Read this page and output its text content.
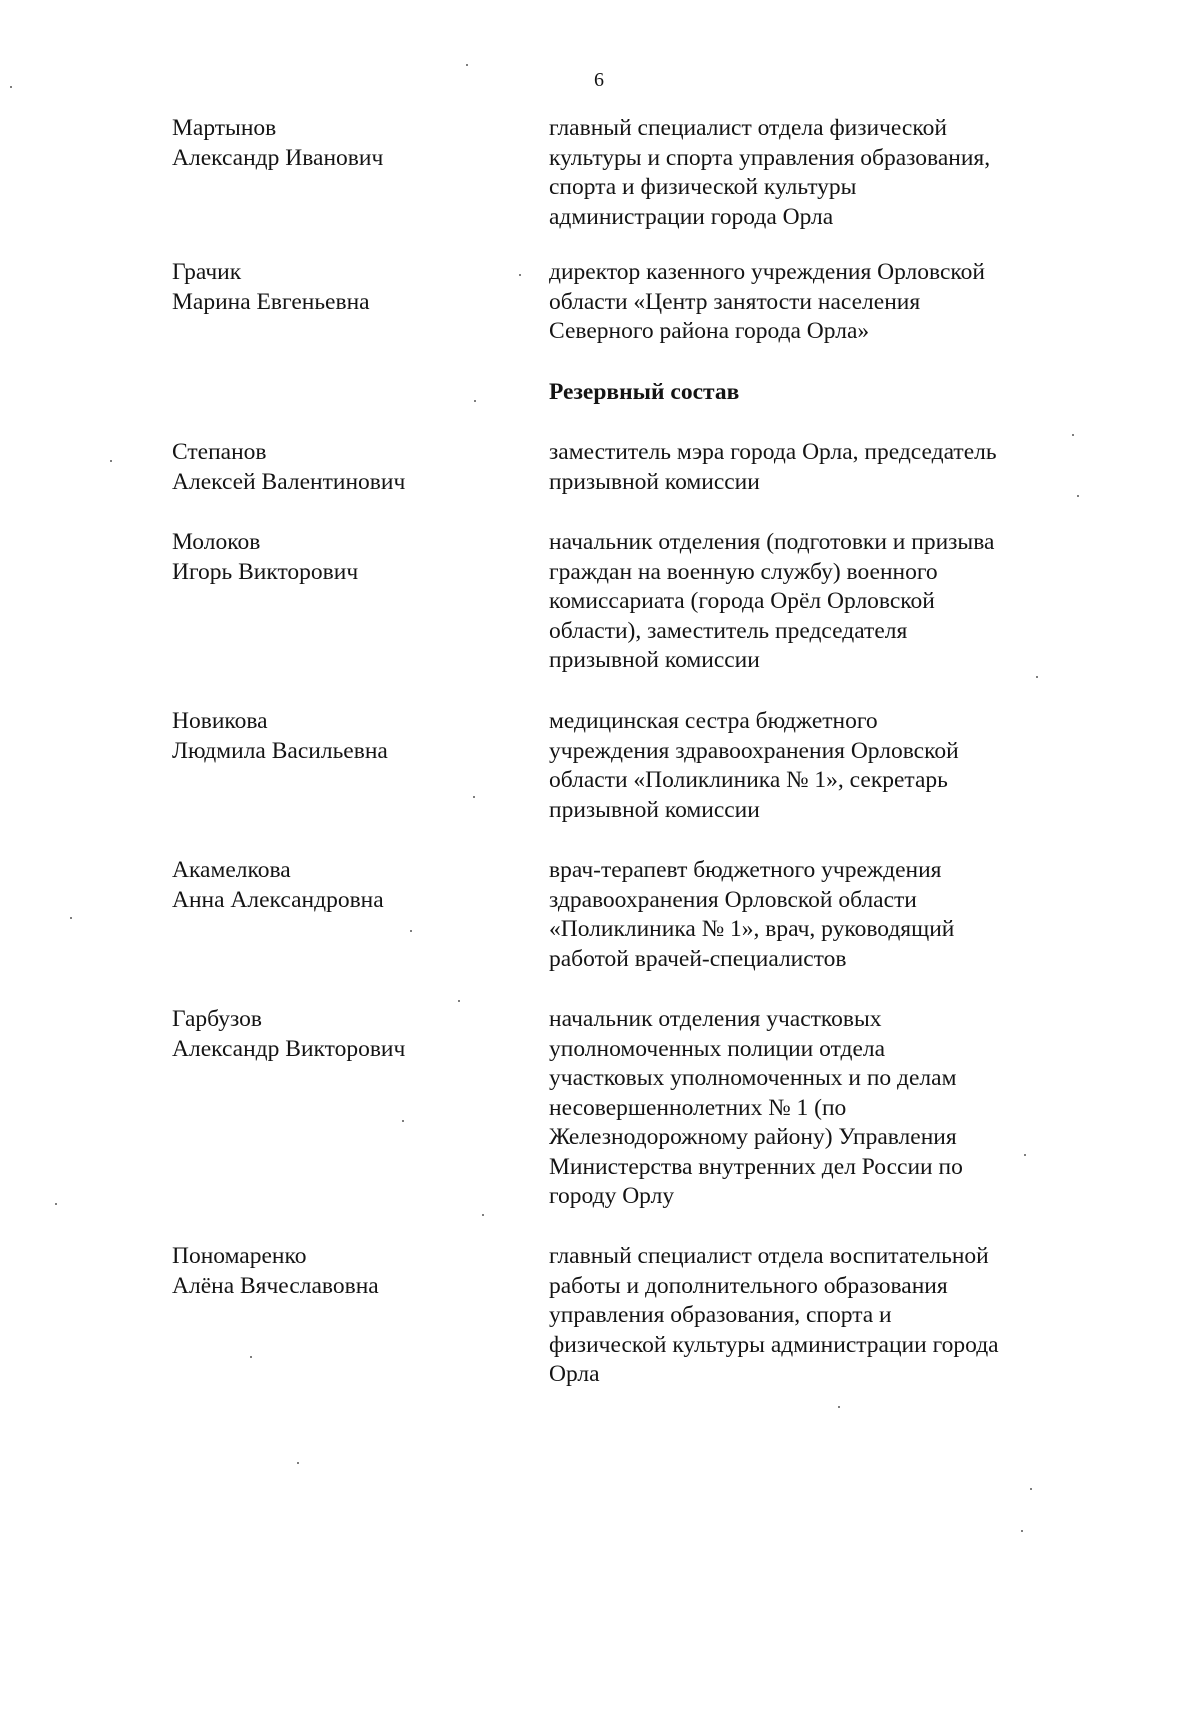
6
Мартынов
Александр Иванович
главный специалист отдела физической
культуры и спорта управления образования,
спорта и физической культуры
администрации города Орла
Грачик
Марина Евгеньевна
директор казенного учреждения Орловской
области «Центр занятости населения
Северного района города Орла»
Резервный состав
Степанов
Алексей Валентинович
заместитель мэра города Орла, председатель
призывной комиссии
Молоков
Игорь Викторович
начальник отделения (подготовки и призыва
граждан на военную службу) военного
комиссариата (города Орёл Орловской
области), заместитель председателя
призывной комиссии
Новикова
Людмила Васильевна
медицинская сестра бюджетного
учреждения здравоохранения Орловской
области «Поликлиника № 1», секретарь
призывной комиссии
Акамелкова
Анна Александровна
врач-терапевт бюджетного учреждения
здравоохранения Орловской области
«Поликлиника № 1», врач, руководящий
работой врачей-специалистов
Гарбузов
Александр Викторович
начальник отделения участковых
уполномоченных полиции отдела
участковых уполномоченных и по делам
несовершеннолетних № 1 (по
Железнодорожному району) Управления
Министерства внутренних дел России по
городу Орлу
Пономаренко
Алёна Вячеславовна
главный специалист отдела воспитательной
работы и дополнительного образования
управления образования, спорта и
физической культуры администрации города
Орла
